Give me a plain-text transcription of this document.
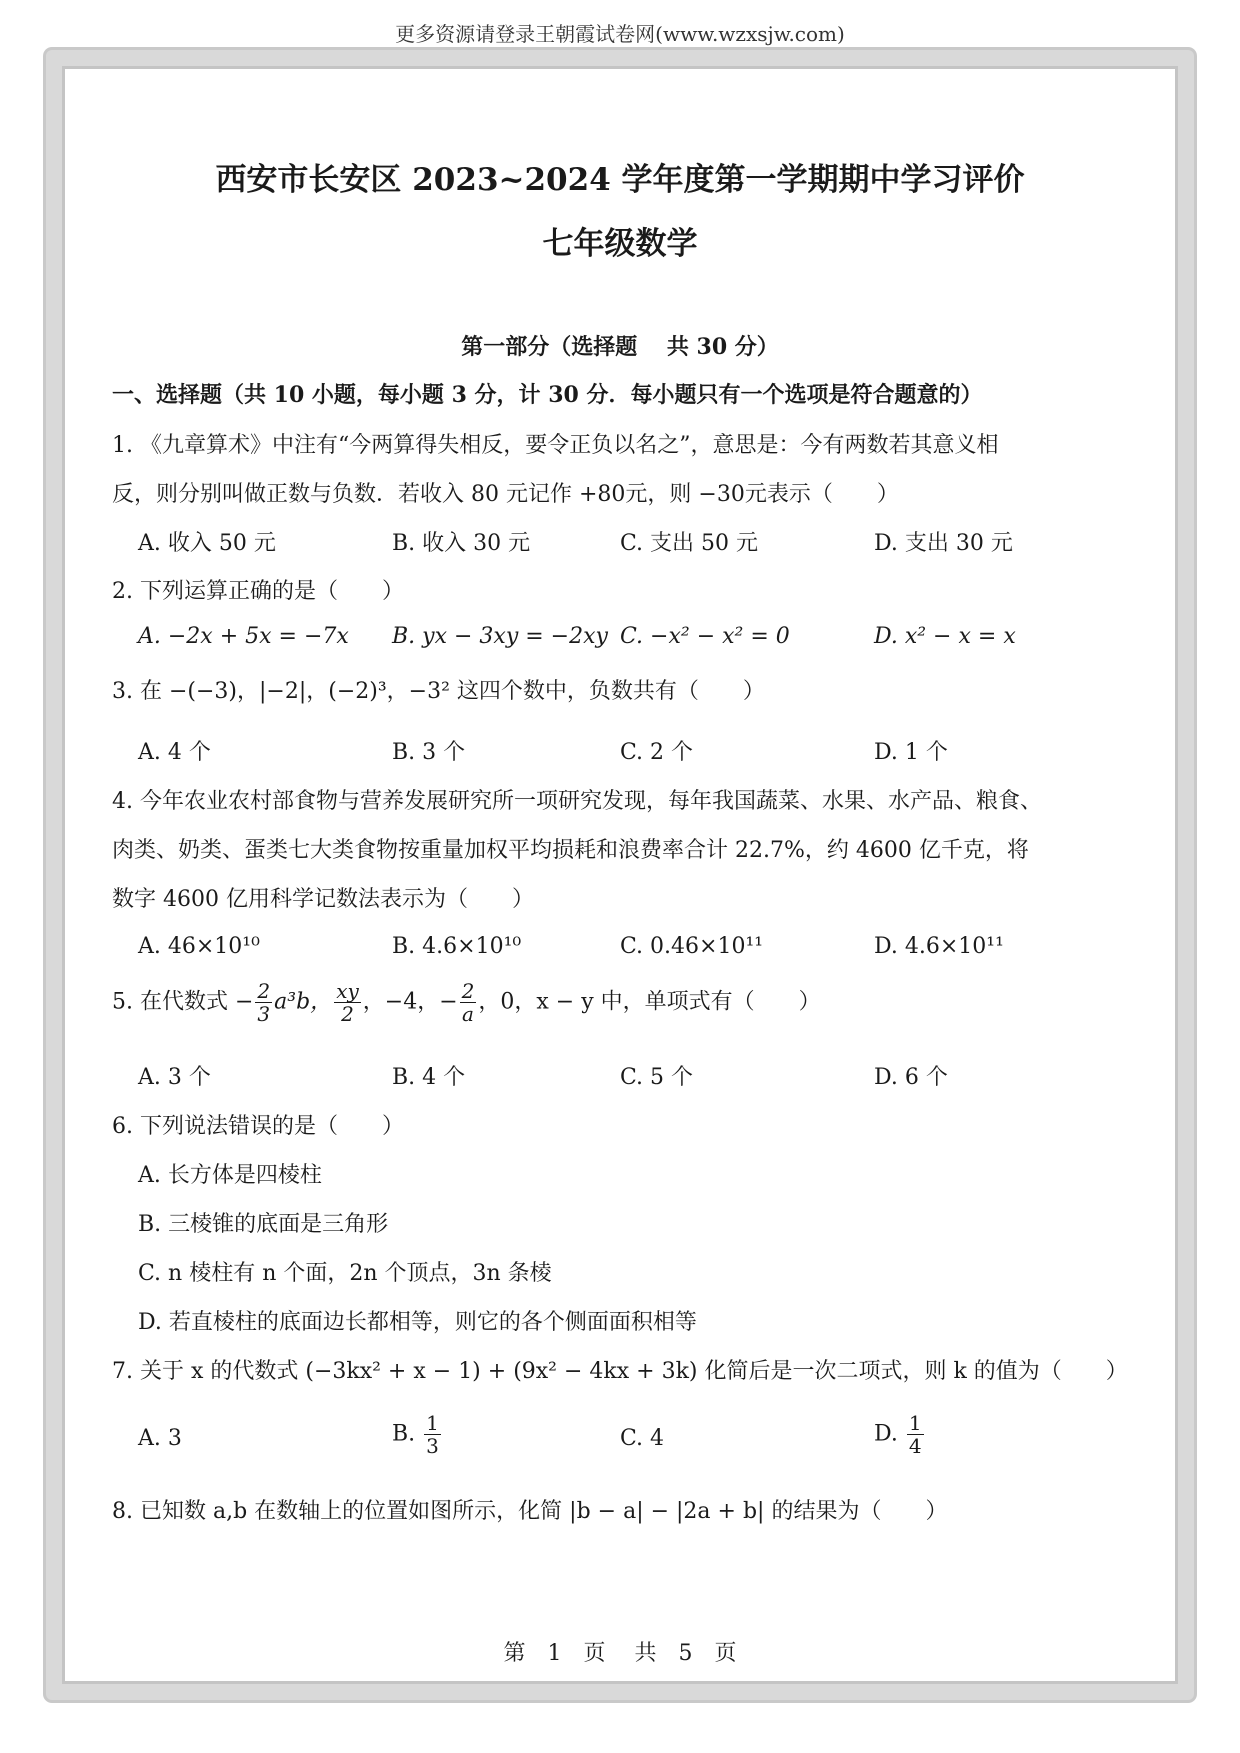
更多资源请登录王朝霞试卷网(www.wzxsjw.com)
西安市长安区 2023~2024 学年度第一学期期中学习评价
七年级数学
第一部分（选择题　 共 30 分）
一、选择题（共 10 小题，每小题 3 分，计 30 分．每小题只有一个选项是符合题意的）
1. 《九章算术》中注有“今两算得失相反，要令正负以名之”，意思是：今有两数若其意义相
反，则分别叫做正数与负数．若收入 80 元记作 +80元，则 −30元表示（　　）
A. 收入 50 元	B. 收入 30 元	C. 支出 50 元	D. 支出 30 元
2. 下列运算正确的是（　　）
A. −2x + 5x = −7x B. yx − 3xy = −2xy C. −x² − x² = 0	D. x² − x = x
3. 在 −(−3)，|−2|，(−2)³，−3² 这四个数中，负数共有（　　）
A. 4 个	B. 3 个	C. 2 个	D. 1 个
4. 今年农业农村部食物与营养发展研究所一项研究发现，每年我国蔬菜、水果、水产品、粮食、
肉类、奶类、蛋类七大类食物按重量加权平均损耗和浪费率合计 22.7%，约 4600 亿千克，将
数字 4600 亿用科学记数法表示为（　　）
A. 46×10¹⁰	B. 4.6×10¹⁰	C. 0.46×10¹¹	D. 4.6×10¹¹
5. 在代数式 − $\frac{2}{3} a^3b$， $\frac{xy}{2}$ ，−4，− $\frac{2}{a}$ ，0，x − y 中，单项式有（　　）
A. 3 个	B. 4 个	C. 5 个	D. 6 个
6. 下列说法错误的是（　　）
A. 长方体是四棱柱
B. 三棱锥的底面是三角形
C. n 棱柱有 n 个面，2n 个顶点，3n 条棱
D. 若直棱柱的底面边长都相等，则它的各个侧面面积相等
7. 关于 x 的代数式 (−3kx² + x − 1) + (9x² − 4kx + 3k) 化简后是一次二项式，则 k 的值为（　　）
A. 3	B. $\frac{1}{3}$	C. 4	D. $\frac{1}{4}$
8. 已知数 a,b 在数轴上的位置如图所示，化简 |b − a| − |2a + b| 的结果为（　　）
第　1　页　 共　5　页
